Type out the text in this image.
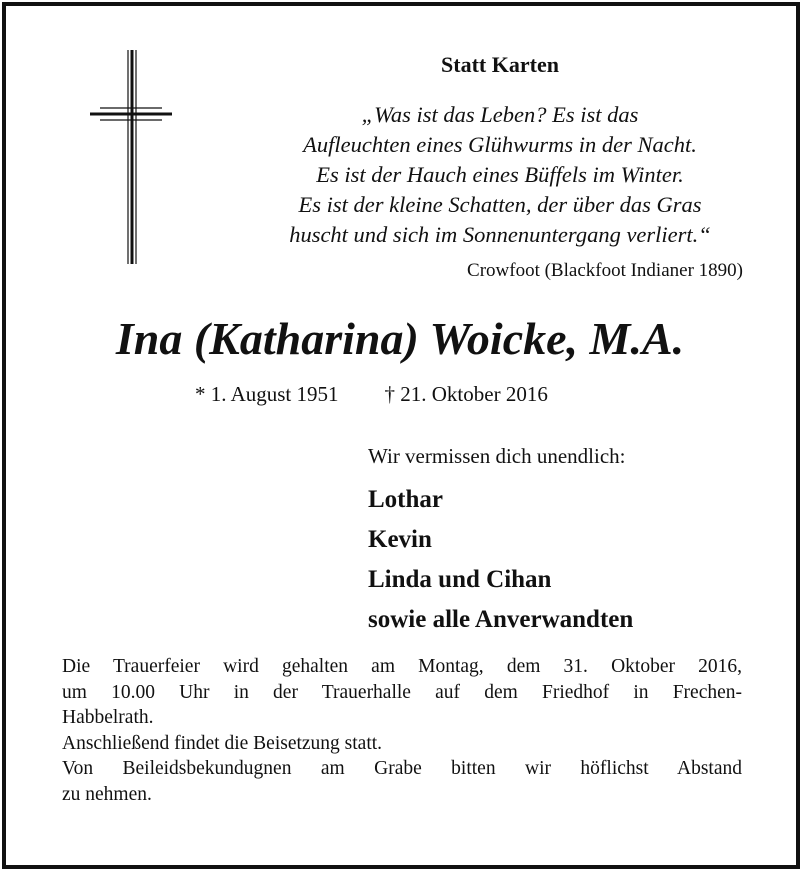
Statt Karten
„Was ist das Leben? Es ist das
Aufleuchten eines Glühwurms in der Nacht.
Es ist der Hauch eines Büffels im Winter.
Es ist der kleine Schatten, der über das Gras
huscht und sich im Sonnenuntergang verliert.“
Crowfoot (Blackfoot Indianer 1890)
Ina (Katharina) Woicke, M.A.
* 1. August 1951 † 21. Oktober 2016
Wir vermissen dich unendlich:
Lothar
Kevin
Linda und Cihan
sowie alle Anverwandten
Die Trauerfeier wird gehalten am Montag, dem 31. Oktober 2016,
um 10.00 Uhr in der Trauerhalle auf dem Friedhof in Frechen-
Habbelrath.
Anschließend findet die Beisetzung statt.
Von Beileidsbekundugnen am Grabe bitten wir höflichst Abstand
zu nehmen.
